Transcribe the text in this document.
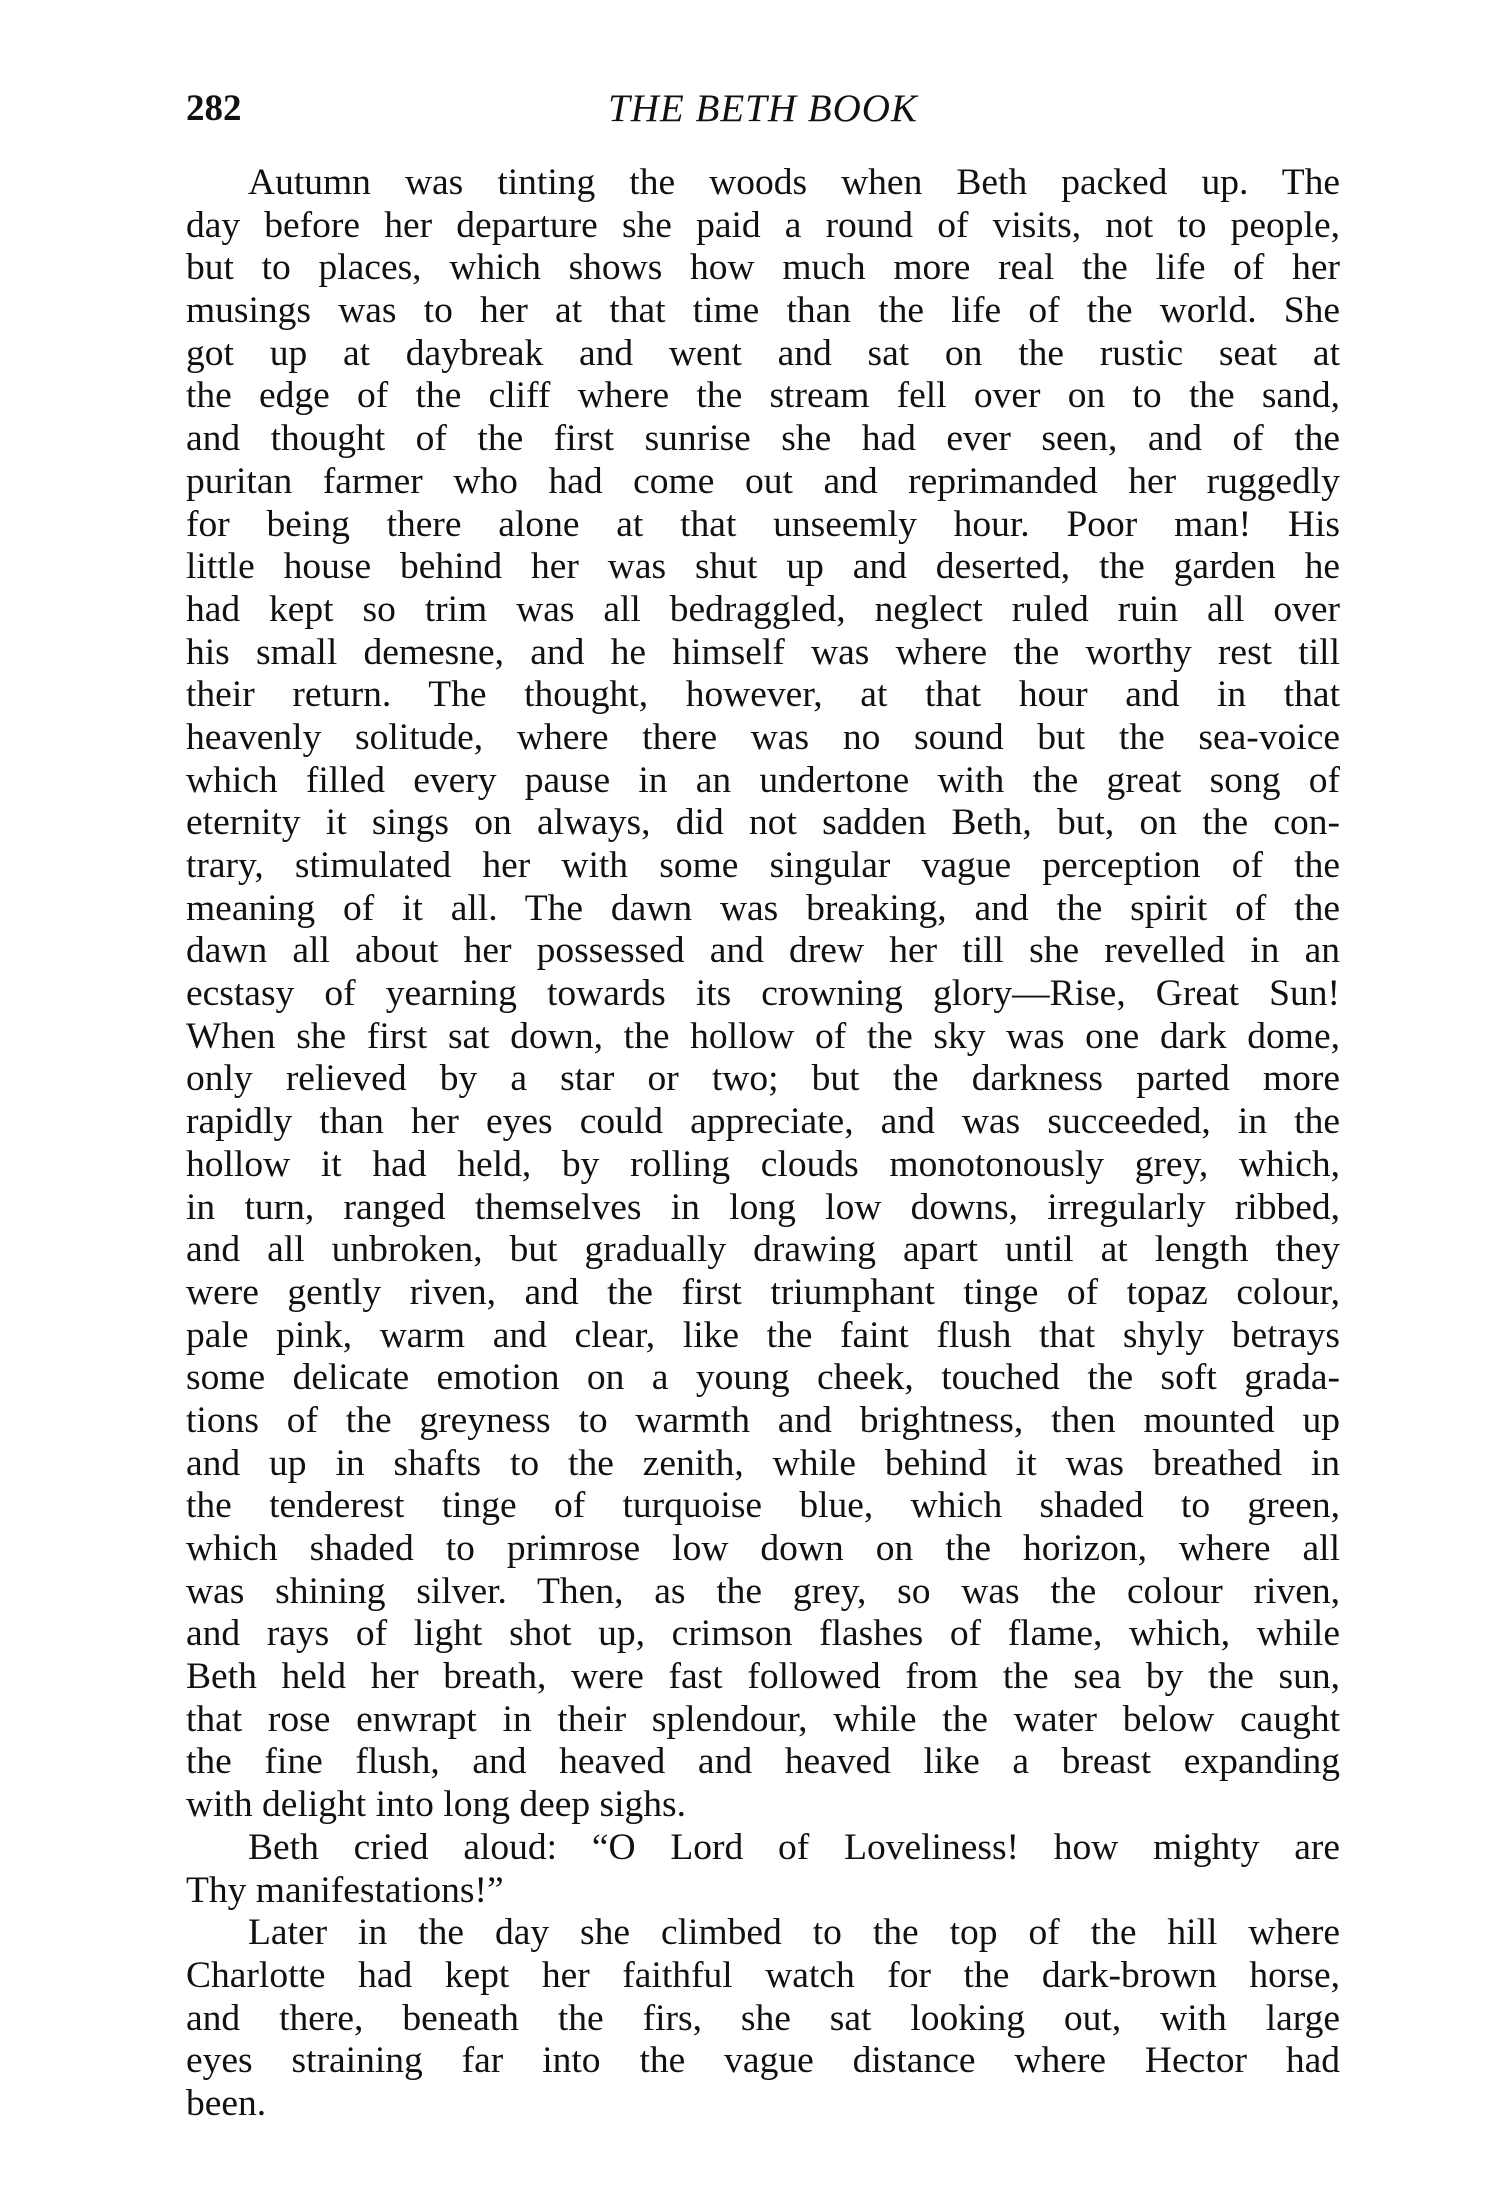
282	THE BETH BOOK
Autumn was tinting the woods when Beth packed up. The
day before her departure she paid a round of visits, not to people,
but to places, which shows how much more real the life of her
musings was to her at that time than the life of the world. She
got up at daybreak and went and sat on the rustic seat at
the edge of the cliff where the stream fell over on to the sand,
and thought of the first sunrise she had ever seen, and of the
puritan farmer who had come out and reprimanded her ruggedly
for being there alone at that unseemly hour. Poor man! His
little house behind her was shut up and deserted, the garden he
had kept so trim was all bedraggled, neglect ruled ruin all over
his small demesne, and he himself was where the worthy rest till
their return. The thought, however, at that hour and in that
heavenly solitude, where there was no sound but the sea-voice
which filled every pause in an undertone with the great song of
eternity it sings on always, did not sadden Beth, but, on the con-
trary, stimulated her with some singular vague perception of the
meaning of it all. The dawn was breaking, and the spirit of the
dawn all about her possessed and drew her till she revelled in an
ecstasy of yearning towards its crowning glory—Rise, Great Sun!
When she first sat down, the hollow of the sky was one dark dome,
only relieved by a star or two; but the darkness parted more
rapidly than her eyes could appreciate, and was succeeded, in the
hollow it had held, by rolling clouds monotonously grey, which,
in turn, ranged themselves in long low downs, irregularly ribbed,
and all unbroken, but gradually drawing apart until at length they
were gently riven, and the first triumphant tinge of topaz colour,
pale pink, warm and clear, like the faint flush that shyly betrays
some delicate emotion on a young cheek, touched the soft grada-
tions of the greyness to warmth and brightness, then mounted up
and up in shafts to the zenith, while behind it was breathed in
the tenderest tinge of turquoise blue, which shaded to green,
which shaded to primrose low down on the horizon, where all
was shining silver. Then, as the grey, so was the colour riven,
and rays of light shot up, crimson flashes of flame, which, while
Beth held her breath, were fast followed from the sea by the sun,
that rose enwrapt in their splendour, while the water below caught
the fine flush, and heaved and heaved like a breast expanding
with delight into long deep sighs.
Beth cried aloud: “O Lord of Loveliness! how mighty are
Thy manifestations!”
Later in the day she climbed to the top of the hill where
Charlotte had kept her faithful watch for the dark-brown horse,
and there, beneath the firs, she sat looking out, with large
eyes straining far into the vague distance where Hector had
been.
